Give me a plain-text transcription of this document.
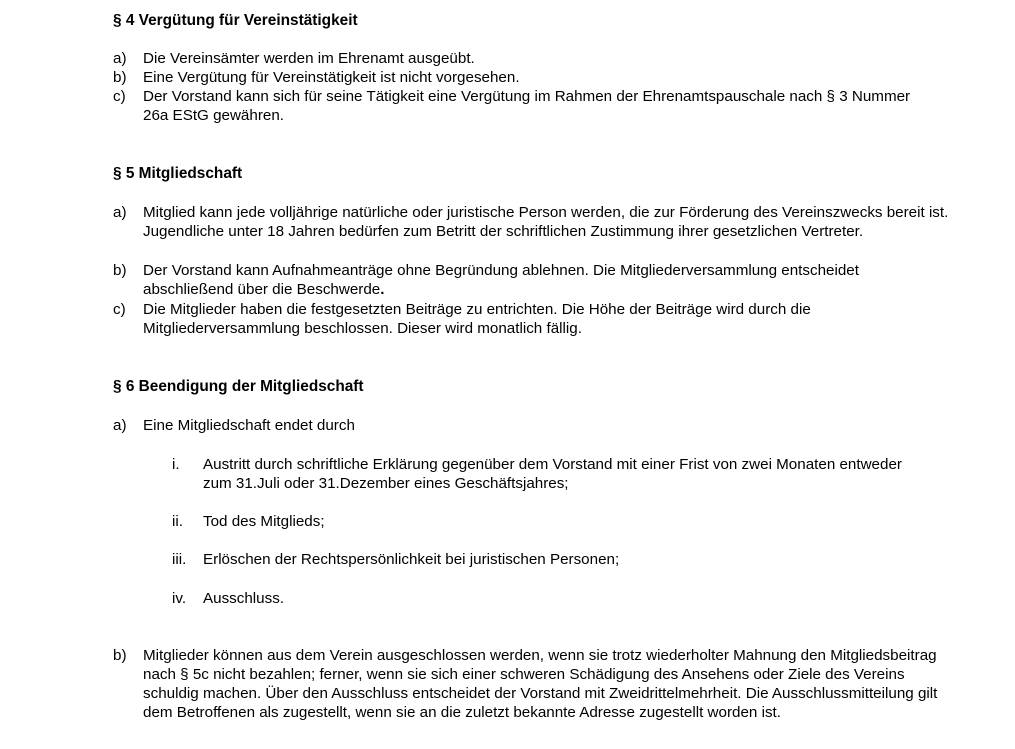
§ 4 Vergütung für Vereinstätigkeit
a)	Die Vereinsämter werden im Ehrenamt ausgeübt.
b)	Eine Vergütung für Vereinstätigkeit ist nicht vorgesehen.
c)	Der Vorstand kann sich für seine Tätigkeit eine Vergütung im Rahmen der Ehrenamtspauschale nach § 3 Nummer 26a EStG gewähren.
§ 5 Mitgliedschaft
a)	Mitglied kann jede volljährige natürliche oder juristische Person werden, die zur Förderung des Vereinszwecks bereit ist. Jugendliche unter 18 Jahren bedürfen zum Betritt der schriftlichen Zustimmung ihrer gesetzlichen Vertreter.
b)	Der Vorstand kann Aufnahmeanträge ohne Begründung ablehnen. Die Mitgliederversammlung entscheidet abschließend über die Beschwerde.
c)	Die Mitglieder haben die festgesetzten Beiträge zu entrichten. Die Höhe der Beiträge wird durch die Mitgliederversammlung beschlossen. Dieser wird monatlich fällig.
§ 6 Beendigung der Mitgliedschaft
a)	Eine Mitgliedschaft endet durch
i.	Austritt durch schriftliche Erklärung gegenüber dem Vorstand mit einer Frist von zwei Monaten entweder zum 31.Juli oder 31.Dezember eines Geschäftsjahres;
ii.	Tod des Mitglieds;
iii.	Erlöschen der Rechtspersönlichkeit bei juristischen Personen;
iv.	Ausschluss.
b)	Mitglieder können aus dem Verein ausgeschlossen werden, wenn sie trotz wiederholter Mahnung den Mitgliedsbeitrag nach § 5c nicht bezahlen; ferner, wenn sie sich einer schweren Schädigung des Ansehens oder Ziele des Vereins schuldig machen. Über den Ausschluss entscheidet der Vorstand mit Zweidrittelmehrheit. Die Ausschlussmitteilung gilt dem Betroffenen als zugestellt, wenn sie an die zuletzt bekannte Adresse zugestellt worden ist.
